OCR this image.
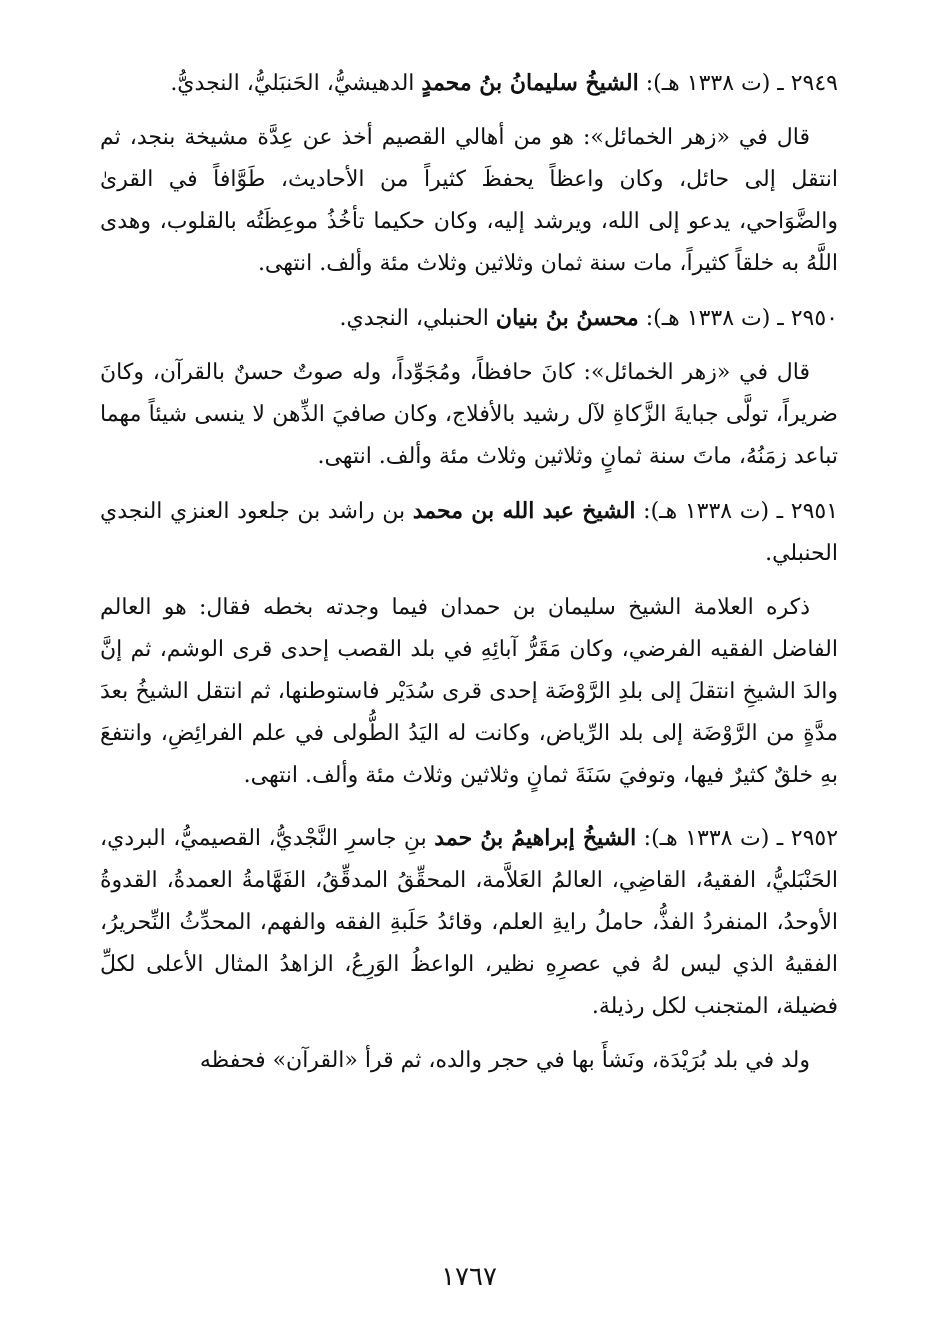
٢٩٤٩ ـ (ت ١٣٣٨ هـ): الشيخُ سليمانُ بنُ محمدٍ الدهيشيُّ، الحَنبَليُّ، النجديُّ.

قال في «زهر الخمائل»: هو من أهالي القصيم أخذ عن عِدَّة مشيخة بنجد، ثم انتقل إلى حائل، وكان واعظاً يحفظَ كثيراً من الأحاديث، طَوَّافاً في القرىٰ والضَّوَاحي، يدعو إلى الله، ويرشد إليه، وكان حكيما تأخُذُ موعِظَتُه بالقلوب، وهدى اللَّهُ به خلقاً كثيراً، مات سنة ثمان وثلاثين وثلاث مئة وألف. انتهى.

٢٩٥٠ ـ (ت ١٣٣٨ هـ): محسنُ بنُ بنيان الحنبلي، النجدي.

قال في «زهر الخمائل»: كانَ حافظاً، ومُجَوِّداً، وله صوتٌ حسنٌ بالقرآن، وكانَ ضريراً، تولَّى جبايةَ الزَّكاةِ لآل رشيد بالأفلاج، وكان صافيَ الذِّهن لا ينسى شيئاً مهما تباعد زمَنُهُ، ماتَ سنة ثمانٍ وثلاثين وثلاث مئة وألف. انتهى.

٢٩٥١ ـ (ت ١٣٣٨ هـ): الشيخ عبد الله بن محمد بن راشد بن جلعود العنزي النجدي الحنبلي.

ذكره العلامة الشيخ سليمان بن حمدان فيما وجدته بخطه فقال: هو العالم الفاضل الفقيه الفرضي، وكان مَقَرُّ آبائِهِ في بلد القصب إحدى قرى الوشم، ثم إنَّ والدَ الشيخِ انتقلَ إلى بلدِ الرَّوْضَة إحدى قرى سُدَيْر فاستوطنها، ثم انتقل الشيخُ بعدَ مدَّةٍ من الرَّوْضَة إلى بلد الرِّياض، وكانت له اليَدُ الطُّولى في علم الفرائِضِ، وانتفعَ بهِ خلقٌ كثيرٌ فيها، وتوفيَ سَنَةَ ثمانٍ وثلاثين وثلاث مئة وألف. انتهى.

٢٩٥٢ ـ (ت ١٣٣٨ هـ): الشيخُ إبراهيمُ بنُ حمد بنِ جاسرِ النَّجْديُّ، القصيميُّ، البردي، الحَنْبَليُّ، الفقيهُ، القاضِي، العالمُ العَلاَّمة، المحقِّقُ المدقِّقُ، الفَهَّامةُ العمدةُ، القدوةُ الأوحدُ، المنفردُ الفذُّ، حاملُ رايةِ العلم، وقائدُ حَلَبةِ الفقه والفهم، المحدِّثُ النِّحريرُ، الفقيهُ الذي ليس لهُ في عصرِهِ نظير، الواعظُ الوَرِعُ، الزاهدُ المثال الأعلى لكلِّ فضيلة، المتجنب لكل رذيلة.

ولد في بلد بُرَيْدَة، ونَشأَ بها في حجر والده، ثم قرأ «القرآن» فحفظه

١٧٦٧
